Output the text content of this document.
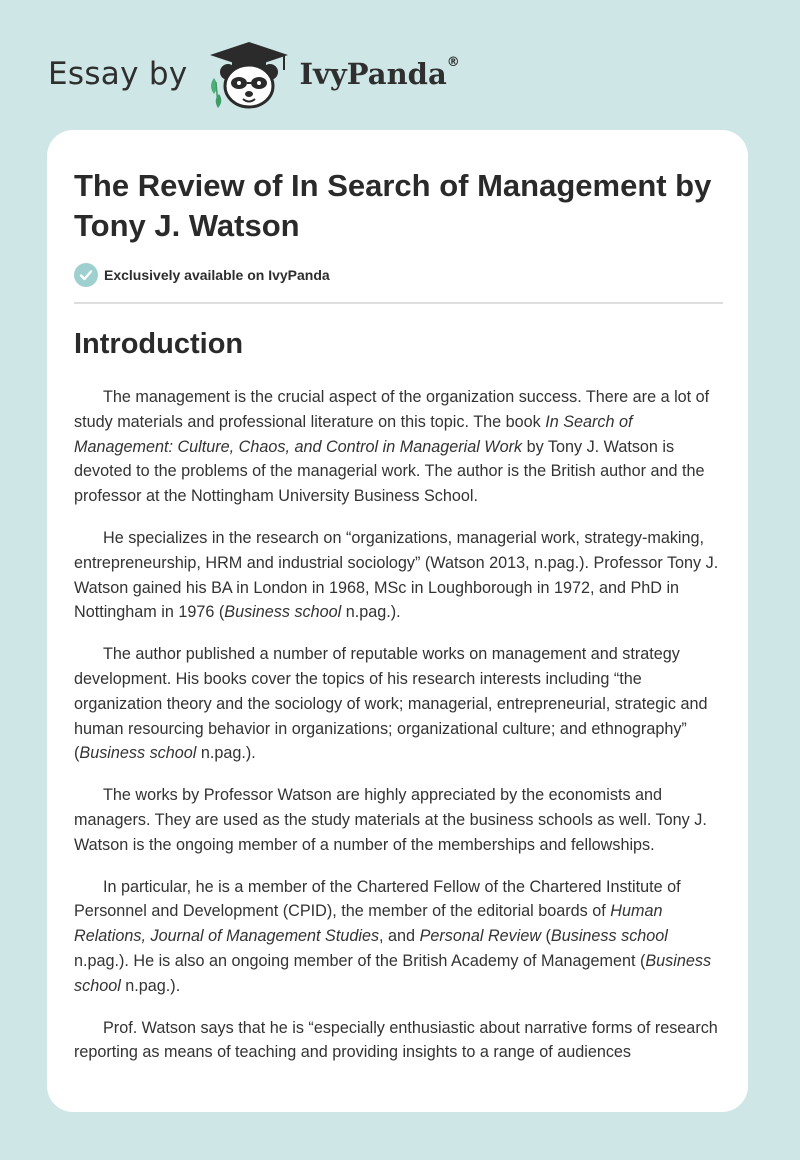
Essay by	IvyPanda®
The Review of In Search of Management by Tony J. Watson
Exclusively available on IvyPanda
Introduction

The management is the crucial aspect of the organization success. There are a lot of study materials and professional literature on this topic. The book In Search of Management: Culture, Chaos, and Control in Managerial Work by Tony J. Watson is devoted to the problems of the managerial work. The author is the British author and the professor at the Nottingham University Business School.

He specializes in the research on “organizations, managerial work, strategy-making, entrepreneurship, HRM and industrial sociology” (Watson 2013, n.pag.). Professor Tony J. Watson gained his BA in London in 1968, MSc in Loughborough in 1972, and PhD in Nottingham in 1976 (Business school n.pag.).

The author published a number of reputable works on management and strategy development. His books cover the topics of his research interests including “the organization theory and the sociology of work; managerial, entrepreneurial, strategic and human resourcing behavior in organizations; organizational culture; and ethnography” (Business school n.pag.).

The works by Professor Watson are highly appreciated by the economists and managers. They are used as the study materials at the business schools as well. Tony J. Watson is the ongoing member of a number of the memberships and fellowships.

In particular, he is a member of the Chartered Fellow of the Chartered Institute of Personnel and Development (CPID), the member of the editorial boards of Human Relations, Journal of Management Studies, and Personal Review (Business school n.pag.). He is also an ongoing member of the British Academy of Management (Business school n.pag.).

Prof. Watson says that he is “especially enthusiastic about narrative forms of research reporting as means of teaching and providing insights to a range of audiences
